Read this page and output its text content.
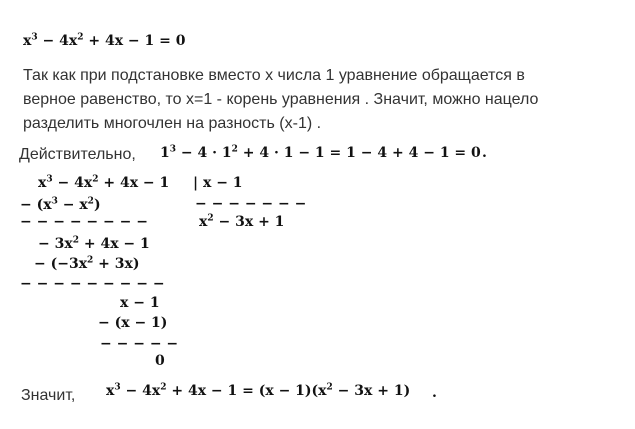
$x^3 - 4x^2 + 4x - 1 = 0$
Так как при подстановке вместо x числа 1 уравнение обращается в
верное равенство, то x=1 - корень уравнения . Значит, можно нацело
разделить многочлен на разность (x-1) .
Действительно, $1^3 - 4 \cdot 1^2 + 4 \cdot 1 - 1 = 1 - 4 + 4 - 1 = 0$ .
$x^3 - 4x^2 + 4x - 1$ | x − 1
− $(x^3 - x^2)$	− − − − − − −
− − − − − − − −	$x^2 - 3x + 1$
− $3x^2 + 4x - 1$
− $(-3x^2 + 3x)$
− − − − − − − − −
x − 1
− (x − 1)
− − − − −
0
Значит, $x^3 - 4x^2 + 4x - 1 = (x - 1)(x^2 - 3x + 1)$ .
